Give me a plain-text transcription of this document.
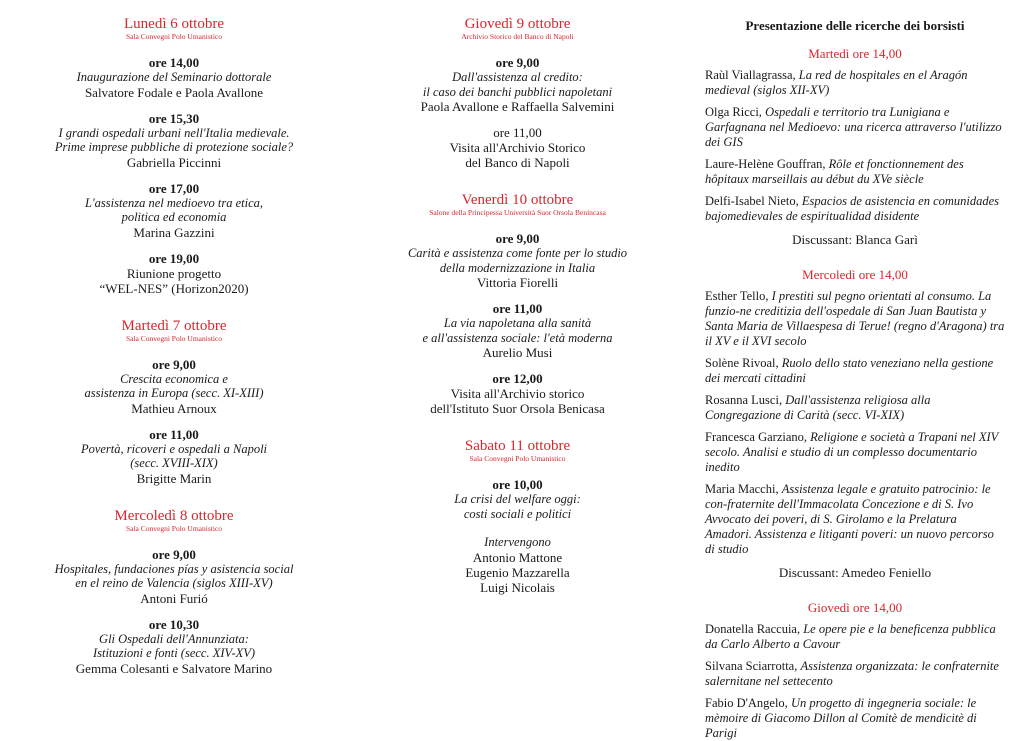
Lunedì 6 ottobre
Sala Convegni Polo Umanistico
ore 14,00
Inaugurazione del Seminario dottorale
Salvatore Fodale e Paola Avallone
ore 15,30
I grandi ospedali urbani nell'Italia medievale.
Prime imprese pubbliche di protezione sociale?
Gabriella Piccinni
ore 17,00
L'assistenza nel medioevo tra etica,
politica ed economia
Marina Gazzini
ore 19,00
Riunione progetto
“WEL-NES” (Horizon2020)
Martedì 7 ottobre
Sala Convegni Polo Umanistico
ore 9,00
Crescita economica e
assistenza in Europa (secc. XI-XIII)
Mathieu Arnoux
ore 11,00
Povertà, ricoveri e ospedali a Napoli
(secc. XVIII-XIX)
Brigitte Marin
Mercoledì 8 ottobre
Sala Convegni Polo Umanistico
ore 9,00
Hospitales, fundaciones pías y asistencia social
en el reino de Valencia (siglos XIII-XV)
Antoni Furió
ore 10,30
Gli Ospedali dell'Annunziata:
Istituzioni e fonti (secc. XIV-XV)
Gemma Colesanti e Salvatore Marino
Giovedì 9 ottobre
Archivio Storico del Banco di Napoli
ore 9,00
Dall'assistenza al credito:
il caso dei banchi pubblici napoletani
Paola Avallone e Raffaella Salvemini
ore 11,00
Visita all'Archivio Storico
del Banco di Napoli
Venerdì 10 ottobre
Salone della Principessa Università Suor Orsola Benincasa
ore 9,00
Carità e assistenza come fonte per lo studio
della modernizzazione in Italia
Vittoria Fiorelli
ore 11,00
La via napoletana alla sanità
e all'assistenza sociale: l'età moderna
Aurelio Musi
ore 12,00
Visita all'Archivio storico
dell'Istituto Suor Orsola Benicasa
Sabato 11 ottobre
Sala Convegni Polo Umanistico
ore 10,00
La crisi del welfare oggi:
costi sociali e politici
Intervengono
Antonio Mattone
Eugenio Mazzarella
Luigi Nicolais
Presentazione delle ricerche dei borsisti
Martedì ore 14,00
Raùl Viallagrassa, La red de hospitales en el Aragón medieval (siglos XII-XV)
Olga Ricci, Ospedali e territorio tra Lunigiana e Garfagnana nel Medioevo: una ricerca attraverso l'utilizzo dei GIS
Laure-Helène Gouffran, Rôle et fonctionnement des hôpitaux marseillais au début du XVe siècle
Delfi-Isabel Nieto, Espacios de asistencia en comunidades bajomedievales de espiritualidad disidente
Discussant: Blanca Garì
Mercoledì ore 14,00
Esther Tello, I prestiti sul pegno orientati al consumo. La funzio-ne creditizia dell'ospedale di San Juan Bautista y Santa Maria de Villaespesa di Terue! (regno d'Aragona) tra il XV e il XVI secolo
Solène Rivoal, Ruolo dello stato veneziano nella gestione dei mercati cittadini
Rosanna Lusci, Dall'assistenza religiosa alla Congregazione di Carità (secc. VI-XIX)
Francesca Garziano, Religione e società a Trapani nel XIV secolo. Analisi e studio di un complesso documentario inedito
Maria Macchi, Assistenza legale e gratuito patrocinio: le con-fraternite dell'Immacolata Concezione e di S. Ivo Avvocato dei poveri, di S. Girolamo e la Prelatura Amadori. Assistenza e litiganti poveri: un nuovo percorso di studio
Discussant: Amedeo Feniello
Giovedì ore 14,00
Donatella Raccuia, Le opere pie e la beneficenza pubblica da Carlo Alberto a Cavour
Silvana Sciarrotta, Assistenza organizzata: le confraternite salernitane nel settecento
Fabio D'Angelo, Un progetto di ingegneria sociale: le mèmoire di Giacomo Dillon al Comitè de mendicitè di Parigi
